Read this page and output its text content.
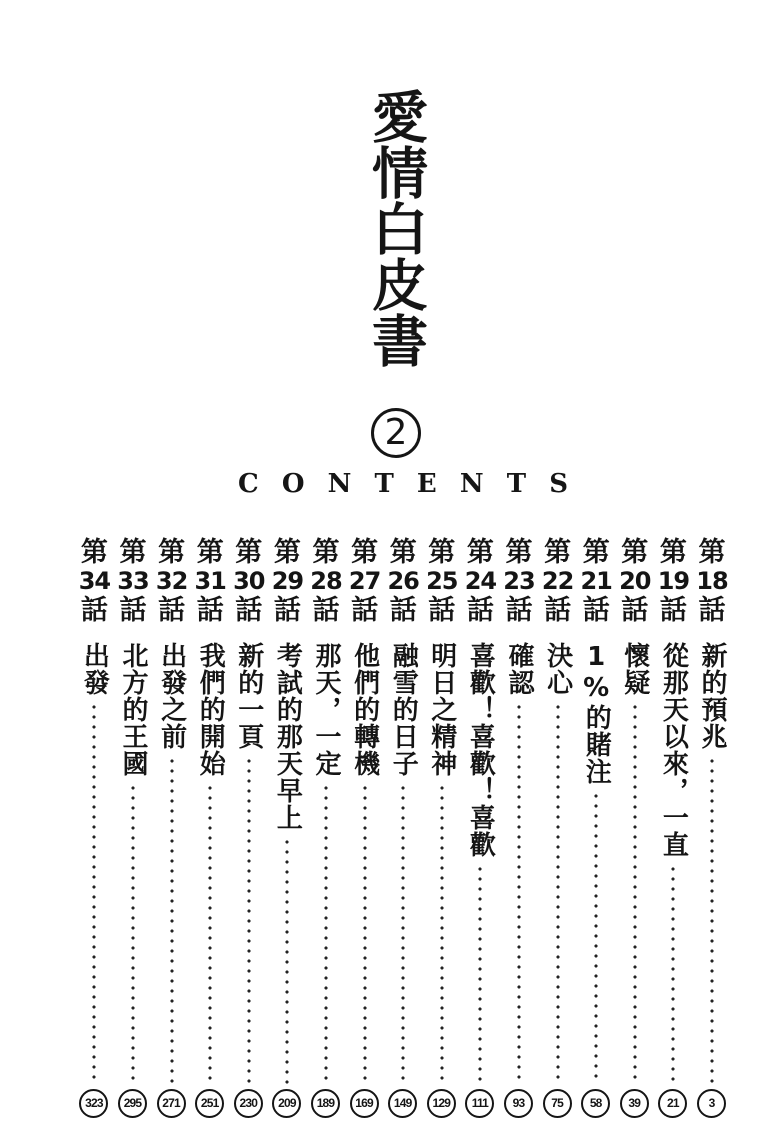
愛情白皮書
2
C O N T E N T S
第
18
話
新的預兆
3
第
19
話
從那天以來，一直
21
第
20
話
懷疑
39
第
21
話
1%的賭注
58
第
22
話
決心
75
第
23
話
確認
93
第
24
話
喜歡！喜歡！喜歡
111
第
25
話
明日之精神
129
第
26
話
融雪的日子
149
第
27
話
他們的轉機
169
第
28
話
那天，一定
189
第
29
話
考試的那天早上
209
第
30
話
新的一頁
230
第
31
話
我們的開始
251
第
32
話
出發之前
271
第
33
話
北方的王國
295
第
34
話
出發
323
